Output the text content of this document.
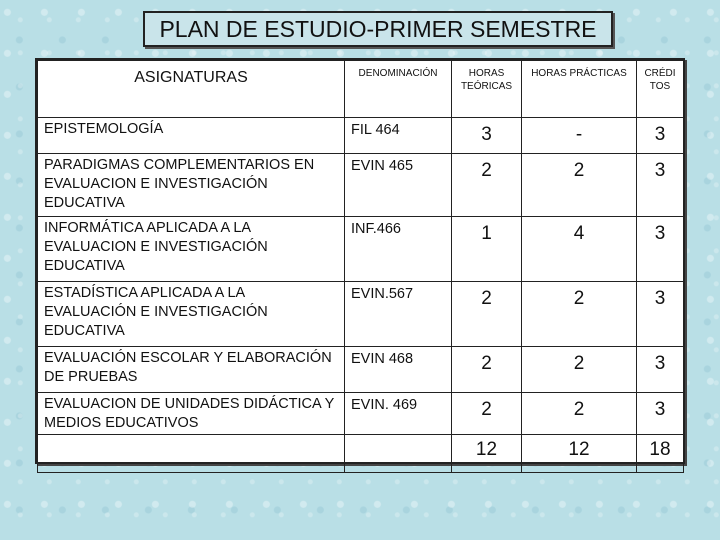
PLAN DE ESTUDIO-PRIMER SEMESTRE
ASIGNATURAS	DENOMINACIÓN	HORAS TEÓRICAS	HORAS PRÁCTICAS	CRÉDI TOS
EPISTEMOLOGÍA	FIL 464	3	-	3
PARADIGMAS COMPLEMENTARIOS EN EVALUACION E INVESTIGACIÓN EDUCATIVA	EVIN 465	2	2	3
INFORMÁTICA APLICADA A LA EVALUACION E INVESTIGACIÓN EDUCATIVA	INF.466	1	4	3
ESTADÍSTICA APLICADA A LA EVALUACIÓN E INVESTIGACIÓN EDUCATIVA	EVIN.567	2	2	3
EVALUACIÓN ESCOLAR Y ELABORACIÓN DE PRUEBAS	EVIN 468	2	2	3
EVALUACION DE UNIDADES DIDÁCTICA Y MEDIOS EDUCATIVOS	EVIN. 469	2	2	3
		12	12	18
